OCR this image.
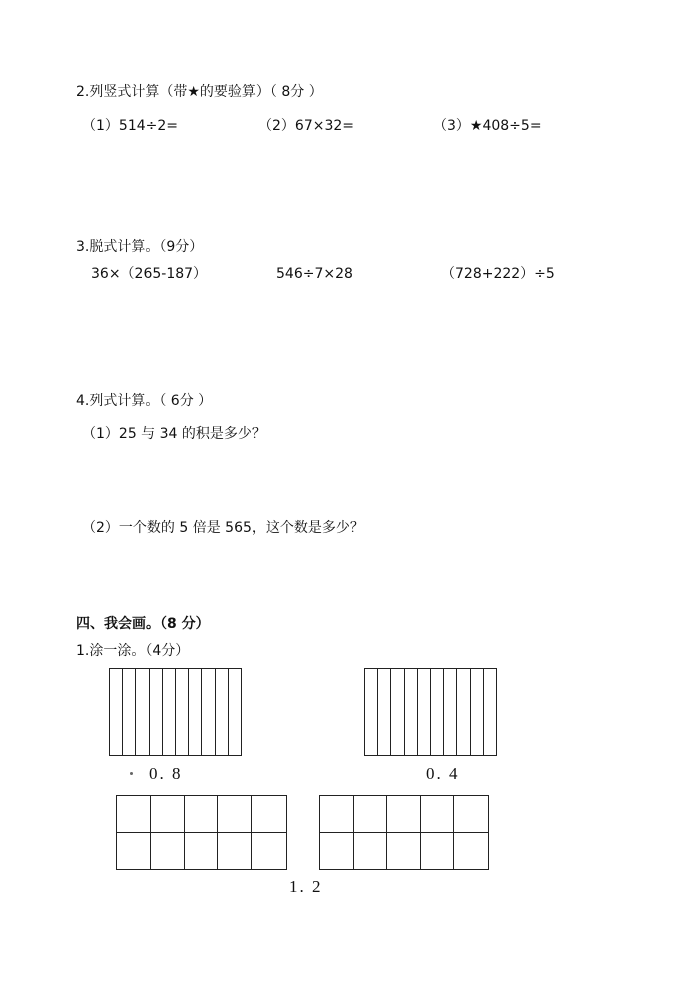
2.列竖式计算（带★的要验算）（ 8分 ）
（1）514÷2=	（2）67×32=	（3）★408÷5=
3.脱式计算。（9分）
36×（265-187）	546÷7×28	（728+222）÷5
4.列式计算。（ 6分 ）
（1）25 与 34 的积是多少？
（2）一个数的 5 倍是 565，这个数是多少？
四、我会画。（8 分）
1.涂一涂。（4分）
0. 8	0. 4
1. 2
